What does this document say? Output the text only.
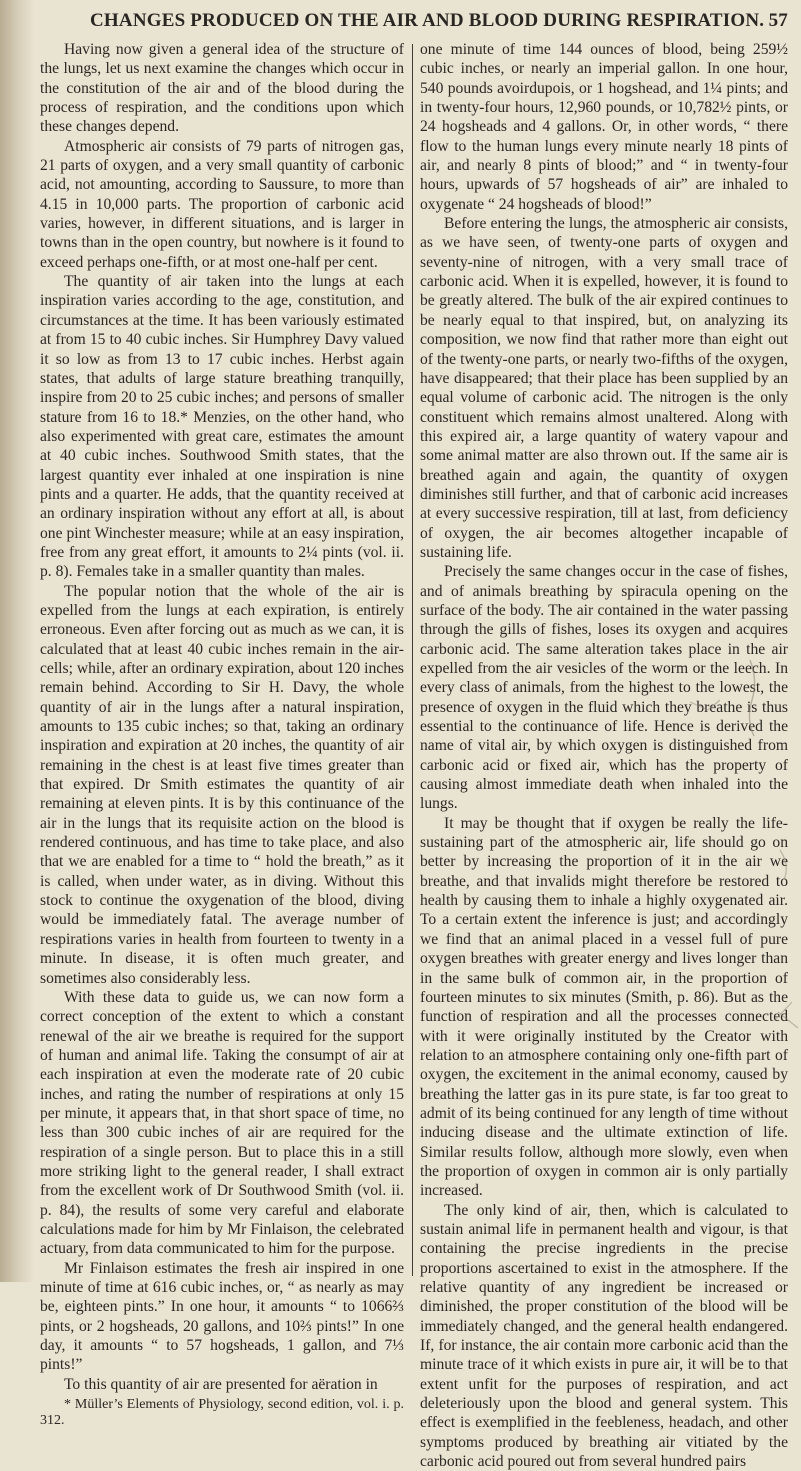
CHANGES PRODUCED ON THE AIR AND BLOOD DURING RESPIRATION. 57

Having now given a general idea of the structure of the lungs, let us next examine the changes which occur in the constitution of the air and of the blood during the process of respiration, and the conditions upon which these changes depend.

Atmospheric air consists of 79 parts of nitrogen gas, 21 parts of oxygen, and a very small quantity of carbonic acid, not amounting, according to Saussure, to more than 4.15 in 10,000 parts. The proportion of carbonic acid varies, however, in different situations, and is larger in towns than in the open country, but nowhere is it found to exceed perhaps one-fifth, or at most one-half per cent.

The quantity of air taken into the lungs at each inspiration varies according to the age, constitution, and circumstances at the time. It has been variously estimated at from 15 to 40 cubic inches. Sir Humphrey Davy valued it so low as from 13 to 17 cubic inches. Herbst again states, that adults of large stature breathing tranquilly, inspire from 20 to 25 cubic inches; and persons of smaller stature from 16 to 18.* Menzies, on the other hand, who also experimented with great care, estimates the amount at 40 cubic inches. Southwood Smith states, that the largest quantity ever inhaled at one inspiration is nine pints and a quarter. He adds, that the quantity received at an ordinary inspiration without any effort at all, is about one pint Winchester measure; while at an easy inspiration, free from any great effort, it amounts to 2¼ pints (vol. ii. p. 8). Females take in a smaller quantity than males.

The popular notion that the whole of the air is expelled from the lungs at each expiration, is entirely erroneous. Even after forcing out as much as we can, it is calculated that at least 40 cubic inches remain in the air-cells; while, after an ordinary expiration, about 120 inches remain behind. According to Sir H. Davy, the whole quantity of air in the lungs after a natural inspiration, amounts to 135 cubic inches; so that, taking an ordinary inspiration and expiration at 20 inches, the quantity of air remaining in the chest is at least five times greater than that expired. Dr Smith estimates the quantity of air remaining at eleven pints. It is by this continuance of the air in the lungs that its requisite action on the blood is rendered continuous, and has time to take place, and also that we are enabled for a time to “ hold the breath,” as it is called, when under water, as in diving. Without this stock to continue the oxygenation of the blood, diving would be immediately fatal. The average number of respirations varies in health from fourteen to twenty in a minute. In disease, it is often much greater, and sometimes also considerably less.

With these data to guide us, we can now form a correct conception of the extent to which a constant renewal of the air we breathe is required for the support of human and animal life. Taking the consumpt of air at each inspiration at even the moderate rate of 20 cubic inches, and rating the number of respirations at only 15 per minute, it appears that, in that short space of time, no less than 300 cubic inches of air are required for the respiration of a single person. But to place this in a still more striking light to the general reader, I shall extract from the excellent work of Dr Southwood Smith (vol. ii. p. 84), the results of some very careful and elaborate calculations made for him by Mr Finlaison, the celebrated actuary, from data communicated to him for the purpose.

Mr Finlaison estimates the fresh air inspired in one minute of time at 616 cubic inches, or, “ as nearly as may be, eighteen pints.” In one hour, it amounts “ to 1066⅔ pints, or 2 hogsheads, 20 gallons, and 10⅔ pints!” In one day, it amounts “ to 57 hogsheads, 1 gallon, and 7⅓ pints!”

To this quantity of air are presented for aëration in

* Müller’s Elements of Physiology, second edition, vol. i. p. 312.

one minute of time 144 ounces of blood, being 259½ cubic inches, or nearly an imperial gallon. In one hour, 540 pounds avoirdupois, or 1 hogshead, and 1¼ pints; and in twenty-four hours, 12,960 pounds, or 10,782½ pints, or 24 hogsheads and 4 gallons. Or, in other words, “ there flow to the human lungs every minute nearly 18 pints of air, and nearly 8 pints of blood;” and “ in twenty-four hours, upwards of 57 hogsheads of air” are inhaled to oxygenate “ 24 hogsheads of blood!”

Before entering the lungs, the atmospheric air consists, as we have seen, of twenty-one parts of oxygen and seventy-nine of nitrogen, with a very small trace of carbonic acid. When it is expelled, however, it is found to be greatly altered. The bulk of the air expired continues to be nearly equal to that inspired, but, on analyzing its composition, we now find that rather more than eight out of the twenty-one parts, or nearly two-fifths of the oxygen, have disappeared; that their place has been supplied by an equal volume of carbonic acid. The nitrogen is the only constituent which remains almost unaltered. Along with this expired air, a large quantity of watery vapour and some animal matter are also thrown out. If the same air is breathed again and again, the quantity of oxygen diminishes still further, and that of carbonic acid increases at every successive respiration, till at last, from deficiency of oxygen, the air becomes altogether incapable of sustaining life.

Precisely the same changes occur in the case of fishes, and of animals breathing by spiracula opening on the surface of the body. The air contained in the water passing through the gills of fishes, loses its oxygen and acquires carbonic acid. The same alteration takes place in the air expelled from the air vesicles of the worm or the leech. In every class of animals, from the highest to the lowest, the presence of oxygen in the fluid which they breathe is thus essential to the continuance of life. Hence is derived the name of vital air, by which oxygen is distinguished from carbonic acid or fixed air, which has the property of causing almost immediate death when inhaled into the lungs.

It may be thought that if oxygen be really the life-sustaining part of the atmospheric air, life should go on better by increasing the proportion of it in the air we breathe, and that invalids might therefore be restored to health by causing them to inhale a highly oxygenated air. To a certain extent the inference is just; and accordingly we find that an animal placed in a vessel full of pure oxygen breathes with greater energy and lives longer than in the same bulk of common air, in the proportion of fourteen minutes to six minutes (Smith, p. 86). But as the function of respiration and all the processes connected with it were originally instituted by the Creator with relation to an atmosphere containing only one-fifth part of oxygen, the excitement in the animal economy, caused by breathing the latter gas in its pure state, is far too great to admit of its being continued for any length of time without inducing disease and the ultimate extinction of life. Similar results follow, although more slowly, even when the proportion of oxygen in common air is only partially increased.

The only kind of air, then, which is calculated to sustain animal life in permanent health and vigour, is that containing the precise ingredients in the precise proportions ascertained to exist in the atmosphere. If the relative quantity of any ingredient be increased or diminished, the proper constitution of the blood will be immediately changed, and the general health endangered. If, for instance, the air contain more carbonic acid than the minute trace of it which exists in pure air, it will be to that extent unfit for the purposes of respiration, and act deleteriously upon the blood and general system. This effect is exemplified in the feebleness, headach, and other symptoms produced by breathing air vitiated by the carbonic acid poured out from several hundred pairs
